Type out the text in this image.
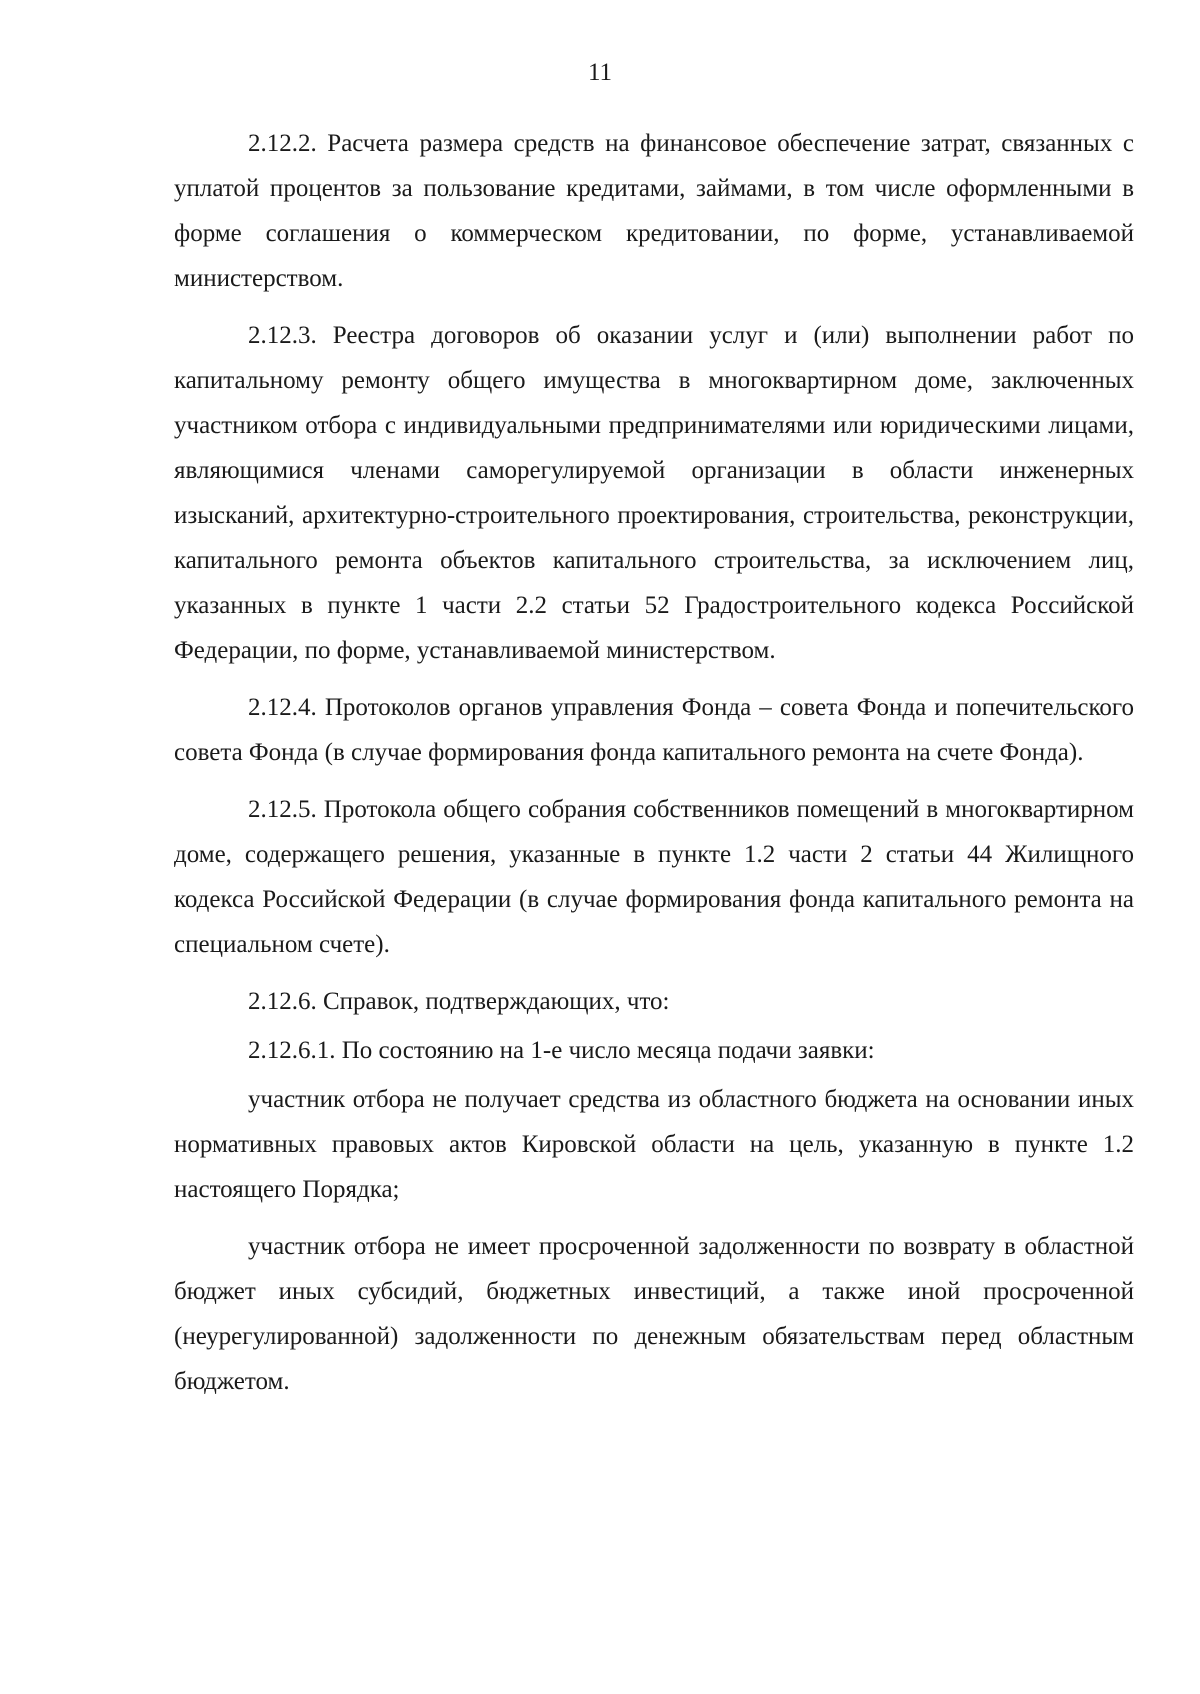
11

2.12.2. Расчета размера средств на финансовое обеспечение затрат, связанных с уплатой процентов за пользование кредитами, займами, в том числе оформленными в форме соглашения о коммерческом кредитовании, по форме, устанавливаемой министерством.

2.12.3. Реестра договоров об оказании услуг и (или) выполнении работ по капитальному ремонту общего имущества в многоквартирном доме, заключенных участником отбора с индивидуальными предпринимателями или юридическими лицами, являющимися членами саморегулируемой организации в области инженерных изысканий, архитектурно-строительного проектирования, строительства, реконструкции, капитального ремонта объектов капитального строительства, за исключением лиц, указанных в пункте 1 части 2.2 статьи 52 Градостроительного кодекса Российской Федерации, по форме, устанавливаемой министерством.

2.12.4. Протоколов органов управления Фонда – совета Фонда и попечительского совета Фонда (в случае формирования фонда капитального ремонта на счете Фонда).

2.12.5. Протокола общего собрания собственников помещений в многоквартирном доме, содержащего решения, указанные в пункте 1.2 части 2 статьи 44 Жилищного кодекса Российской Федерации (в случае формирования фонда капитального ремонта на специальном счете).

2.12.6. Справок, подтверждающих, что:

2.12.6.1. По состоянию на 1-е число месяца подачи заявки:

участник отбора не получает средства из областного бюджета на основании иных нормативных правовых актов Кировской области на цель, указанную в пункте 1.2 настоящего Порядка;

участник отбора не имеет просроченной задолженности по возврату в областной бюджет иных субсидий, бюджетных инвестиций, а также иной просроченной (неурегулированной) задолженности по денежным обязательствам перед областным бюджетом.
